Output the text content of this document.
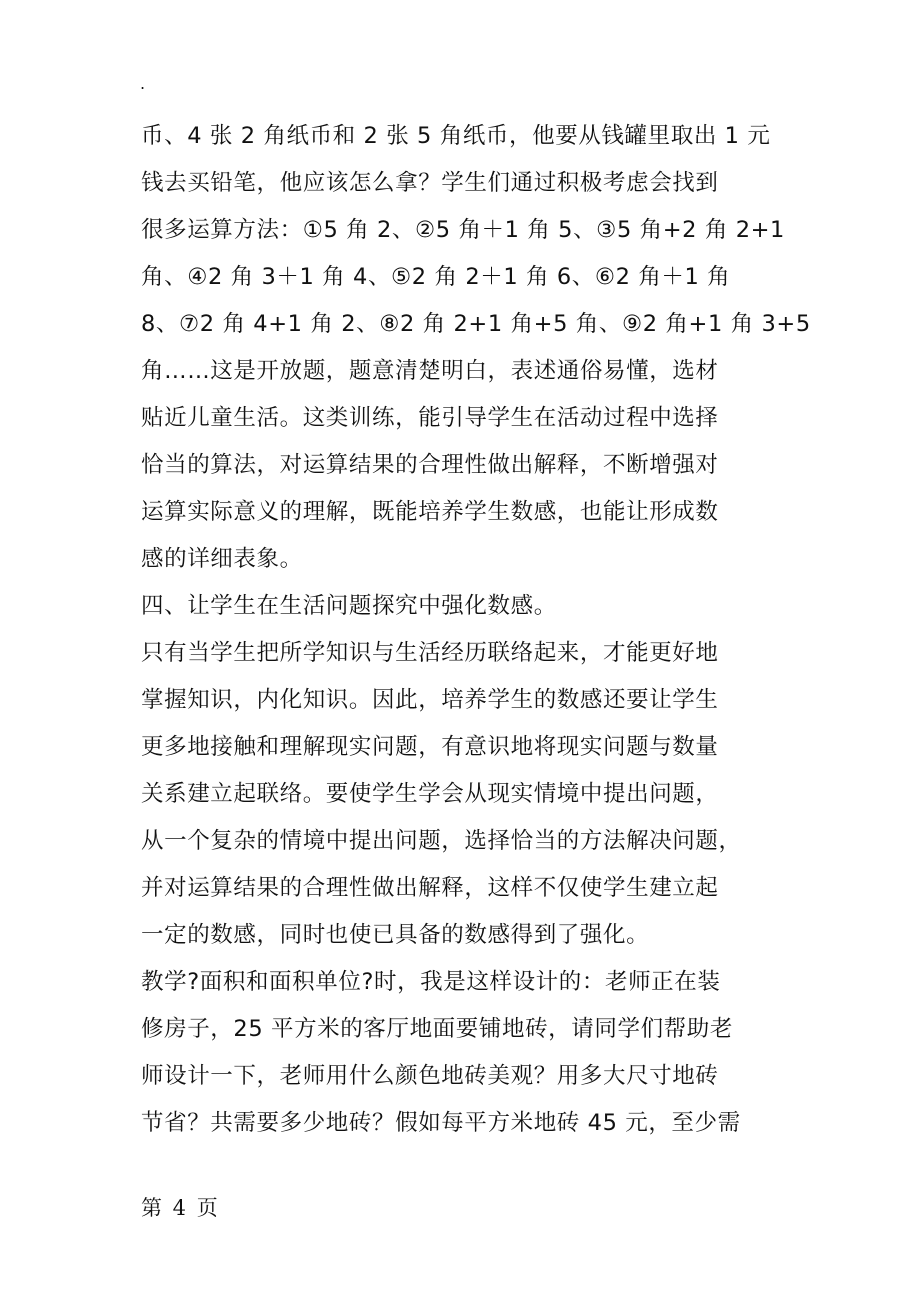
.
币、4 张 2 角纸币和 2 张 5 角纸币，他要从钱罐里取出 1 元
钱去买铅笔，他应该怎么拿？学生们通过积极考虑会找到
很多运算方法：①5 角 2、②5 角＋1 角 5、③5 角+2 角 2+1
角、④2 角 3＋1 角 4、⑤2 角 2＋1 角 6、⑥2 角＋1 角
8、⑦2 角 4+1 角 2、⑧2 角 2+1 角+5 角、⑨2 角+1 角 3+5
角……这是开放题，题意清楚明白，表述通俗易懂，选材
贴近儿童生活。这类训练，能引导学生在活动过程中选择
恰当的算法，对运算结果的合理性做出解释，不断增强对
运算实际意义的理解，既能培养学生数感，也能让形成数
感的详细表象。
四、让学生在生活问题探究中强化数感。
只有当学生把所学知识与生活经历联络起来，才能更好地
掌握知识，内化知识。因此，培养学生的数感还要让学生
更多地接触和理解现实问题，有意识地将现实问题与数量
关系建立起联络。要使学生学会从现实情境中提出问题，
从一个复杂的情境中提出问题，选择恰当的方法解决问题，
并对运算结果的合理性做出解释，这样不仅使学生建立起
一定的数感，同时也使已具备的数感得到了强化。
教学?面积和面积单位?时，我是这样设计的：老师正在装
修房子，25 平方米的客厅地面要铺地砖，请同学们帮助老
师设计一下，老师用什么颜色地砖美观？用多大尺寸地砖
节省？共需要多少地砖？假如每平方米地砖 45 元，至少需
第 4 页
